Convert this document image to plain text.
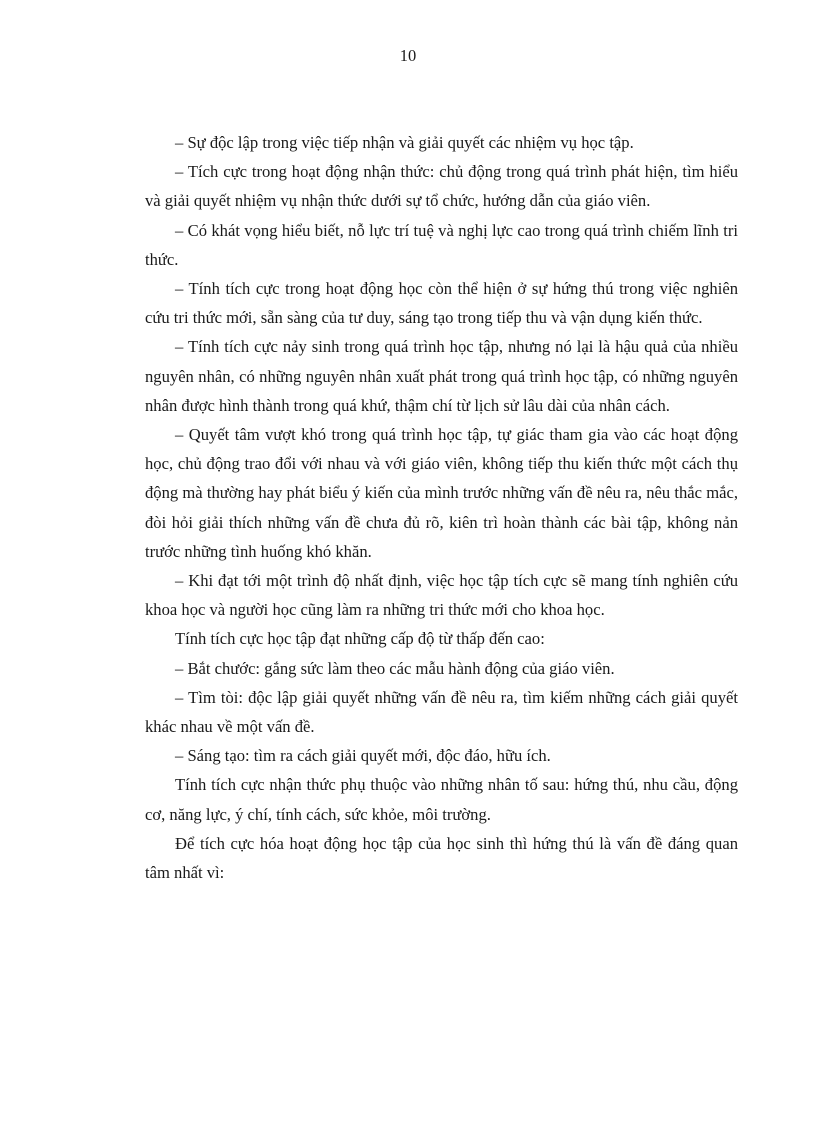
10

– Sự độc lập trong việc tiếp nhận và giải quyết các nhiệm vụ học tập.

– Tích cực trong hoạt động nhận thức: chủ động trong quá trình phát hiện, tìm hiểu và giải quyết nhiệm vụ nhận thức dưới sự tổ chức, hướng dẫn của giáo viên.

– Có khát vọng hiểu biết, nỗ lực trí tuệ và nghị lực cao trong quá trình chiếm lĩnh tri thức.

– Tính tích cực trong hoạt động học còn thể hiện ở sự hứng thú trong việc nghiên cứu tri thức mới, sẵn sàng của tư duy, sáng tạo trong tiếp thu và vận dụng kiến thức.

– Tính tích cực nảy sinh trong quá trình học tập, nhưng nó lại là hậu quả của nhiều nguyên nhân, có những nguyên nhân xuất phát trong quá trình học tập, có những nguyên nhân được hình thành trong quá khứ, thậm chí từ lịch sử lâu dài của nhân cách.

– Quyết tâm vượt khó trong quá trình học tập, tự giác tham gia vào các hoạt động học, chủ động trao đổi với nhau và với giáo viên, không tiếp thu kiến thức một cách thụ động mà thường hay phát biểu ý kiến của mình trước những vấn đề nêu ra, nêu thắc mắc, đòi hỏi giải thích những vấn đề chưa đủ rõ, kiên trì hoàn thành các bài tập, không nản trước những tình huống khó khăn.

– Khi đạt tới một trình độ nhất định, việc học tập tích cực sẽ mang tính nghiên cứu khoa học và người học cũng làm ra những tri thức mới cho khoa học.

Tính tích cực học tập đạt những cấp độ từ thấp đến cao:

– Bắt chước: gắng sức làm theo các mẫu hành động của giáo viên.

– Tìm tòi: độc lập giải quyết những vấn đề nêu ra, tìm kiếm những cách giải quyết khác nhau về một vấn đề.

– Sáng tạo: tìm ra cách giải quyết mới, độc đáo, hữu ích.

Tính tích cực nhận thức phụ thuộc vào những nhân tố sau: hứng thú, nhu cầu, động cơ, năng lực, ý chí, tính cách, sức khỏe, môi trường.

Để tích cực hóa hoạt động học tập của học sinh thì hứng thú là vấn đề đáng quan tâm nhất vì:
